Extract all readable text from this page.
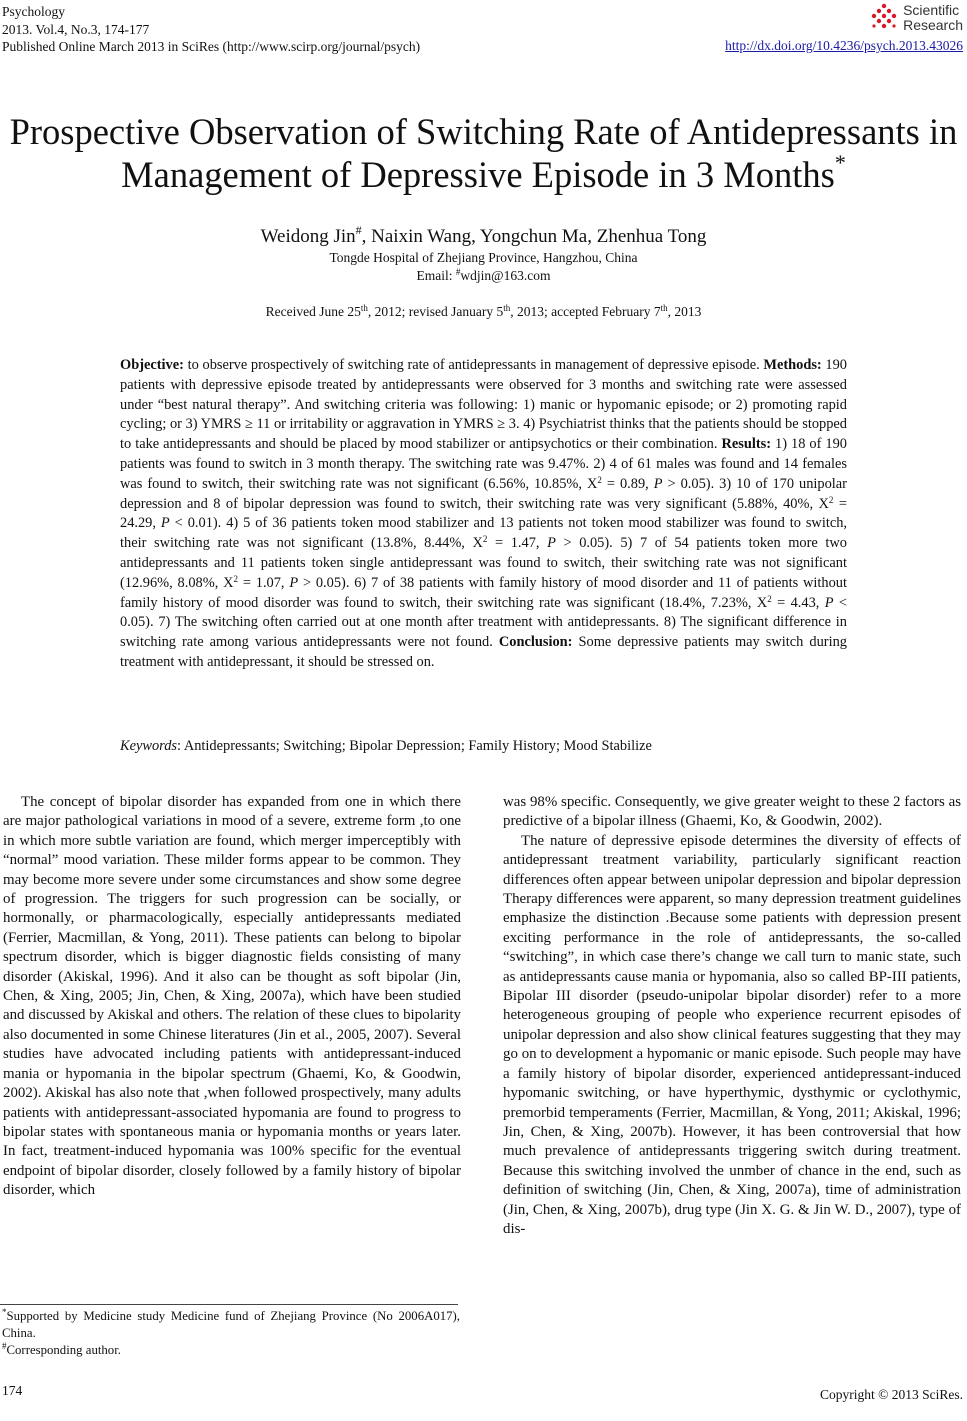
Psychology
2013. Vol.4, No.3, 174-177
Published Online March 2013 in SciRes (http://www.scirp.org/journal/psych)
Scientific
Research
http://dx.doi.org/10.4236/psych.2013.43026
Prospective Observation of Switching Rate of Antidepressants in
Management of Depressive Episode in 3 Months*
Weidong Jin#, Naixin Wang, Yongchun Ma, Zhenhua Tong
Tongde Hospital of Zhejiang Province, Hangzhou, China
Email: #wdjin@163.com
Received June 25th, 2012; revised January 5th, 2013; accepted February 7th, 2013
Objective: to observe prospectively of switching rate of antidepressants in management of depressive episode. Methods: 190 patients with depressive episode treated by antidepressants were observed for 3 months and switching rate were assessed under “best natural therapy”. And switching criteria was following: 1) manic or hypomanic episode; or 2) promoting rapid cycling; or 3) YMRS ≥ 11 or irritability or aggravation in YMRS ≥ 3. 4) Psychiatrist thinks that the patients should be stopped to take antidepressants and should be placed by mood stabilizer or antipsychotics or their combination. Results: 1) 18 of 190 patients was found to switch in 3 month therapy. The switching rate was 9.47%. 2) 4 of 61 males was found and 14 females was found to switch, their switching rate was not significant (6.56%, 10.85%, $X^2 = 0.89$, P > 0.05). 3) 10 of 170 unipolar depression and 8 of bipolar depression was found to switch, their switching rate was very significant (5.88%, 40%, $X^2 = 24.29$, P < 0.01). 4) 5 of 36 patients token mood stabilizer and 13 patients not token mood stabilizer was found to switch, their switching rate was not significant (13.8%, 8.44%, $X^2 = 1.47$, P > 0.05). 5) 7 of 54 patients token more two antidepressants and 11 patients token single antidepressant was found to switch, their switching rate was not significant (12.96%, 8.08%, $X^2 = 1.07$, P > 0.05). 6) 7 of 38 patients with family history of mood disorder and 11 of patients without family history of mood disorder was found to switch, their switching rate was significant (18.4%, 7.23%, $X^2 = 4.43$, P < 0.05). 7) The switching often carried out at one month after treatment with antidepressants. 8) The significant difference in switching rate among various antidepressants were not found. Conclusion: Some depressive patients may switch during treatment with antidepressant, it should be stressed on.
Keywords: Antidepressants; Switching; Bipolar Depression; Family History; Mood Stabilize

The concept of bipolar disorder has expanded from one in which there are major pathological variations in mood of a severe, extreme form ,to one in which more subtle variation are found, which merger imperceptibly with “normal” mood variation. These milder forms appear to be common. They may become more severe under some circumstances and show some degree of progression. The triggers for such progression can be socially, or hormonally, or pharmacologically, especially antidepressants mediated (Ferrier, Macmillan, & Yong, 2011). These patients can belong to bipolar spectrum disorder, which is bigger diagnostic fields consisting of many disorder (Akiskal, 1996). And it also can be thought as soft bipolar (Jin, Chen, & Xing, 2005; Jin, Chen, & Xing, 2007a), which have been studied and discussed by Akiskal and others. The relation of these clues to bipolarity also documented in some Chinese literatures (Jin et al., 2005, 2007). Several studies have advocated including patients with antidepressant-induced mania or hypomania in the bipolar spectrum (Ghaemi, Ko, & Goodwin, 2002). Akiskal has also note that ,when followed prospectively, many adults patients with antidepressant-associated hypomania are found to progress to bipolar states with spontaneous mania or hypomania months or years later. In fact, treatment-induced hypomania was 100% specific for the eventual endpoint of bipolar disorder, closely followed by a family history of bipolar disorder, which

was 98% specific. Consequently, we give greater weight to these 2 factors as predictive of a bipolar illness (Ghaemi, Ko, & Goodwin, 2002).

The nature of depressive episode determines the diversity of effects of antidepressant treatment variability, particularly significant reaction differences often appear between unipolar depression and bipolar depression Therapy differences were apparent, so many depression treatment guidelines emphasize the distinction .Because some patients with depression present exciting performance in the role of antidepressants, the so-called “switching”, in which case there’s change we call turn to manic state, such as antidepressants cause mania or hypomania, also so called BP-III patients, Bipolar III disorder (pseudo-unipolar bipolar disorder) refer to a more heterogeneous grouping of people who experience recurrent episodes of unipolar depression and also show clinical features suggesting that they may go on to development a hypomanic or manic episode. Such people may have a family history of bipolar disorder, experienced antidepressant-induced hypomanic switching, or have hyperthymic, dysthymic or cyclothymic, premorbid temperaments (Ferrier, Macmillan, & Yong, 2011; Akiskal, 1996; Jin, Chen, & Xing, 2007b). However, it has been controversial that how much prevalence of antidepressants triggering switch during treatment. Because this switching involved the unmber of chance in the end, such as definition of switching (Jin, Chen, & Xing, 2007a), time of administration (Jin, Chen, & Xing, 2007b), drug type (Jin X. G. & Jin W. D., 2007), type of dis-

*Supported by Medicine study Medicine fund of Zhejiang Province (No 2006A017), China.
#Corresponding author.
174	Copyright © 2013 SciRes.
